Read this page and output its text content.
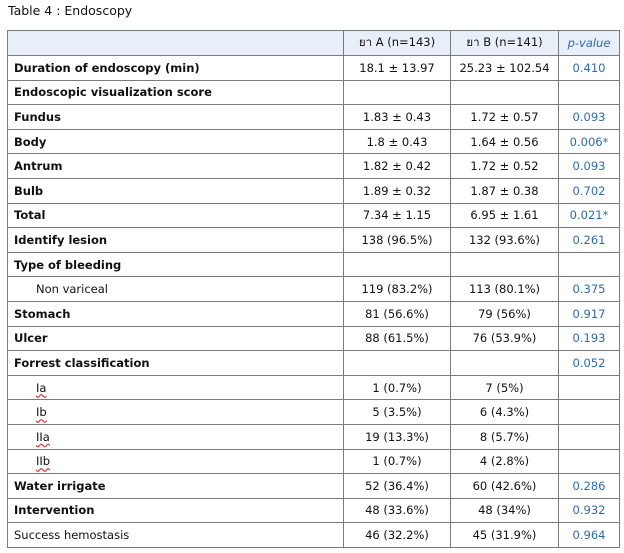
Table 4 : Endoscopy
	ยา A (n=143)	ยา B (n=141)	p-value
Duration of endoscopy (min)	18.1 ± 13.97	25.23 ± 102.54	0.410
Endoscopic visualization score			
Fundus	1.83 ± 0.43	1.72 ± 0.57	0.093
Body	1.8 ± 0.43	1.64 ± 0.56	0.006*
Antrum	1.82 ± 0.42	1.72 ± 0.52	0.093
Bulb	1.89 ± 0.32	1.87 ± 0.38	0.702
Total	7.34 ± 1.15	6.95 ± 1.61	0.021*
Identify lesion	138 (96.5%)	132 (93.6%)	0.261
Type of bleeding			
Non variceal	119 (83.2%)	113 (80.1%)	0.375
Stomach	81 (56.6%)	79 (56%)	0.917
Ulcer	88 (61.5%)	76 (53.9%)	0.193
Forrest classification			0.052
Ia	1 (0.7%)	7 (5%)	
Ib	5 (3.5%)	6 (4.3%)	
IIa	19 (13.3%)	8 (5.7%)	
IIb	1 (0.7%)	4 (2.8%)	
Water irrigate	52 (36.4%)	60 (42.6%)	0.286
Intervention	48 (33.6%)	48 (34%)	0.932
Success hemostasis	46 (32.2%)	45 (31.9%)	0.964
